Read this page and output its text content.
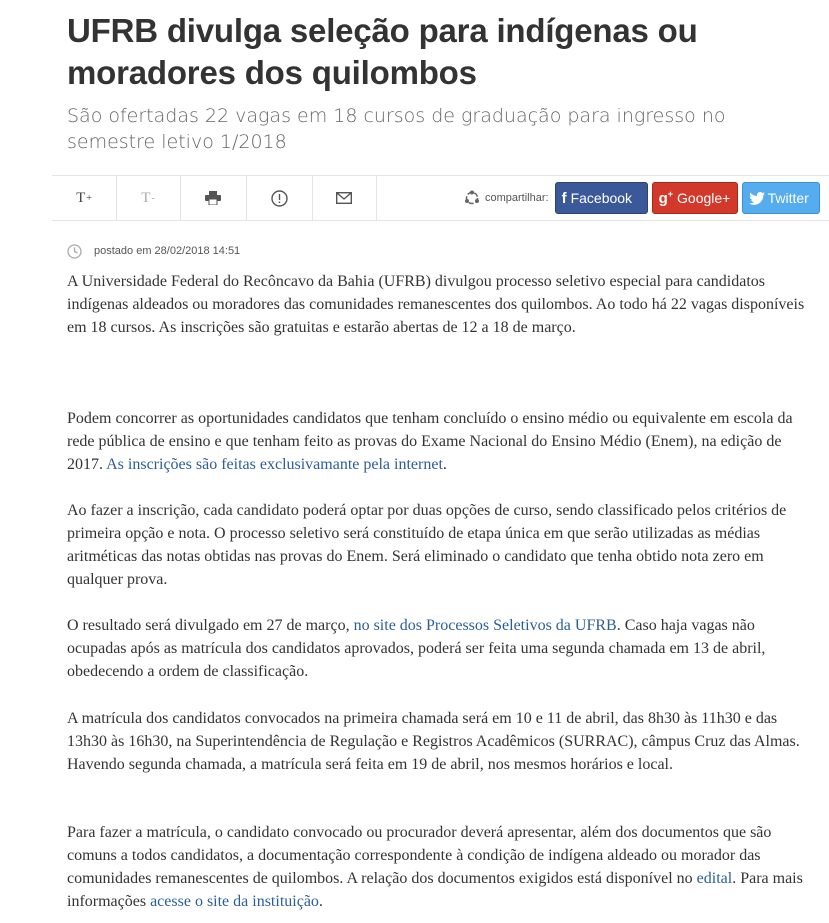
UFRB divulga seleção para indígenas ou moradores dos quilombos

São ofertadas 22 vagas em 18 cursos de graduação para ingresso no semestre letivo 1/2018

T +	T -	compartilhar: f Facebook g+ Google+	Twitter
postado em 28/02/2018 14:51

A Universidade Federal do Recôncavo da Bahia (UFRB) divulgou processo seletivo especial para candidatos indígenas aldeados ou moradores das comunidades remanescentes dos quilombos. Ao todo há 22 vagas disponíveis em 18 cursos. As inscrições são gratuitas e estarão abertas de 12 a 18 de março.

Podem concorrer as oportunidades candidatos que tenham concluído o ensino médio ou equivalente em escola da rede pública de ensino e que tenham feito as provas do Exame Nacional do Ensino Médio (Enem), na edição de 2017. As inscrições são feitas exclusivamante pela internet.

Ao fazer a inscrição, cada candidato poderá optar por duas opções de curso, sendo classificado pelos critérios de primeira opção e nota. O processo seletivo será constituído de etapa única em que serão utilizadas as médias aritméticas das notas obtidas nas provas do Enem. Será eliminado o candidato que tenha obtido nota zero em qualquer prova.

O resultado será divulgado em 27 de março, no site dos Processos Seletivos da UFRB. Caso haja vagas não ocupadas após as matrícula dos candidatos aprovados, poderá ser feita uma segunda chamada em 13 de abril, obedecendo a ordem de classificação.

A matrícula dos candidatos convocados na primeira chamada será em 10 e 11 de abril, das 8h30 às 11h30 e das 13h30 às 16h30, na Superintendência de Regulação e Registros Acadêmicos (SURRAC), câmpus Cruz das Almas. Havendo segunda chamada, a matrícula será feita em 19 de abril, nos mesmos horários e local.

Para fazer a matrícula, o candidato convocado ou procurador deverá apresentar, além dos documentos que são comuns a todos candidatos, a documentação correspondente à condição de indígena aldeado ou morador das comunidades remanescentes de quilombos. A relação dos documentos exigidos está disponível no edital. Para mais informações acesse o site da instituição.
